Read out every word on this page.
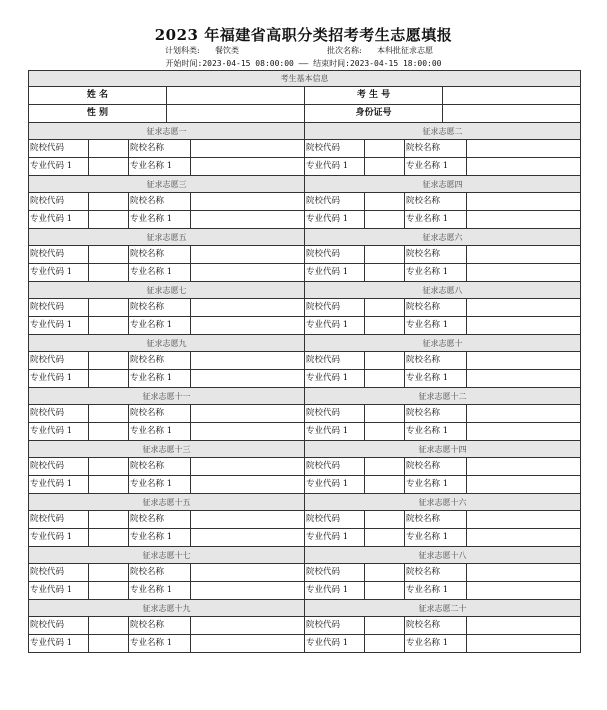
2023 年福建省高职分类招考考生志愿填报
计划科类: 餐饮类	批次名称: 本科批征求志愿
开始时间:2023-04-15 08:00:00 —— 结束时间:2023-04-15 18:00:00
考生基本信息
姓 名	考 生 号
性 别	身份证号
征求志愿一	征求志愿二
院校代码	院校名称	院校代码	院校名称
专业代码 1	专业名称 1	专业代码 1	专业名称 1
征求志愿三	征求志愿四
院校代码	院校名称	院校代码	院校名称
专业代码 1	专业名称 1	专业代码 1	专业名称 1
征求志愿五	征求志愿六
院校代码	院校名称	院校代码	院校名称
专业代码 1	专业名称 1	专业代码 1	专业名称 1
征求志愿七	征求志愿八
院校代码	院校名称	院校代码	院校名称
专业代码 1	专业名称 1	专业代码 1	专业名称 1
征求志愿九	征求志愿十
院校代码	院校名称	院校代码	院校名称
专业代码 1	专业名称 1	专业代码 1	专业名称 1
征求志愿十一	征求志愿十二
院校代码	院校名称	院校代码	院校名称
专业代码 1	专业名称 1	专业代码 1	专业名称 1
征求志愿十三	征求志愿十四
院校代码	院校名称	院校代码	院校名称
专业代码 1	专业名称 1	专业代码 1	专业名称 1
征求志愿十五	征求志愿十六
院校代码	院校名称	院校代码	院校名称
专业代码 1	专业名称 1	专业代码 1	专业名称 1
征求志愿十七	征求志愿十八
院校代码	院校名称	院校代码	院校名称
专业代码 1	专业名称 1	专业代码 1	专业名称 1
征求志愿十九	征求志愿二十
院校代码	院校名称	院校代码	院校名称
专业代码 1	专业名称 1	专业代码 1	专业名称 1
